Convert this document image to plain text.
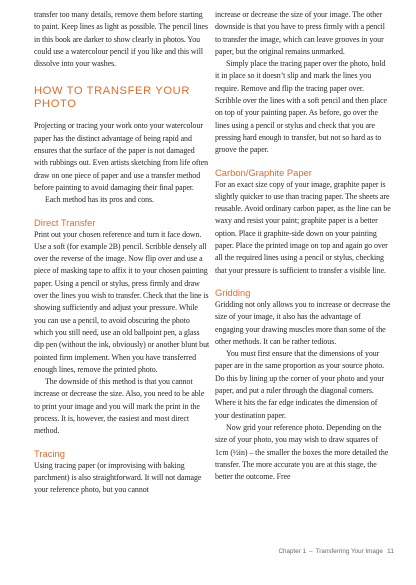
transfer too many details, remove them before starting to paint. Keep lines as light as possible. The pencil lines in this book are darker to show clearly in photos. You could use a watercolour pencil if you like and this will dissolve into your washes.

HOW TO TRANSFER YOUR PHOTO

Projecting or tracing your work onto your watercolour paper has the distinct advantage of being rapid and ensures that the surface of the paper is not damaged with rubbings out. Even artists sketching from life often draw on one piece of paper and use a transfer method before painting to avoid damaging their final paper.

Each method has its pros and cons.

Direct Transfer

Print out your chosen reference and turn it face down. Use a soft (for example 2B) pencil. Scribble densely all over the reverse of the image. Now flip over and use a piece of masking tape to affix it to your chosen painting paper. Using a pencil or stylus, press firmly and draw over the lines you wish to transfer. Check that the line is showing sufficiently and adjust your pressure. While you can use a pencil, to avoid obscuring the photo which you still need, use an old ballpoint pen, a glass dip pen (without the ink, obviously) or another blunt but pointed firm implement. When you have transferred enough lines, remove the printed photo.

The downside of this method is that you cannot increase or decrease the size. Also, you need to be able to print your image and you will mark the print in the process. It is, however, the easiest and most direct method.

Tracing

Using tracing paper (or improvising with baking parchment) is also straightforward. It will not damage your reference photo, but you cannot

increase or decrease the size of your image. The other downside is that you have to press firmly with a pencil to transfer the image, which can leave grooves in your paper, but the original remains unmarked.

Simply place the tracing paper over the photo, hold it in place so it doesn’t slip and mark the lines you require. Remove and flip the tracing paper over. Scribble over the lines with a soft pencil and then place on top of your painting paper. As before, go over the lines using a pencil or stylus and check that you are pressing hard enough to transfer, but not so hard as to groove the paper.

Carbon/Graphite Paper

For an exact size copy of your image, graphite paper is slightly quicker to use than tracing paper. The sheets are reusable. Avoid ordinary carbon paper, as the line can be waxy and resist your paint; graphite paper is a better option. Place it graphite-side down on your painting paper. Place the printed image on top and again go over all the required lines using a pencil or stylus, checking that your pressure is sufficient to transfer a visible line.

Gridding

Gridding not only allows you to increase or decrease the size of your image, it also has the advantage of engaging your drawing muscles more than some of the other methods. It can be rather tedious.

You must first ensure that the dimensions of your paper are in the same proportion as your source photo. Do this by lining up the corner of your photo and your paper, and put a ruler through the diagonal corners. Where it hits the far edge indicates the dimension of your destination paper.

Now grid your reference photo. Depending on the size of your photo, you may wish to draw squares of 1cm (½in) – the smaller the boxes the more detailed the transfer. The more accurate you are at this stage, the better the outcome. Free

Chapter 1 – Transferring Your Image 11
